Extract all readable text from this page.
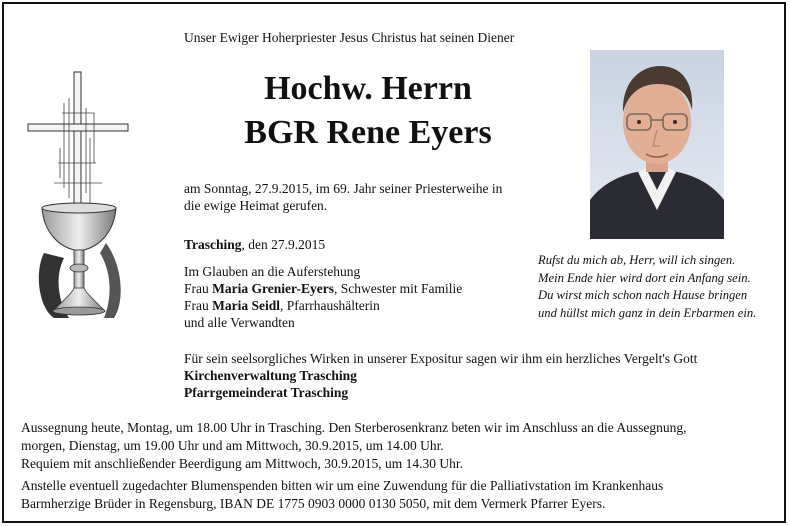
Unser Ewiger Hoherpriester Jesus Christus hat seinen Diener
Hochw. Herrn
BGR Rene Eyers
am Sonntag, 27.9.2015, im 69. Jahr seiner Priesterweihe in
die ewige Heimat gerufen.
Trasching, den 27.9.2015
Im Glauben an die Auferstehung
Frau Maria Grenier-Eyers, Schwester mit Familie
Frau Maria Seidl, Pfarrhaushälterin
und alle Verwandten
Rufst du mich ab, Herr, will ich singen.
Mein Ende hier wird dort ein Anfang sein.
Du wirst mich schon nach Hause bringen
und hüllst mich ganz in dein Erbarmen ein.
Für sein seelsorgliches Wirken in unserer Expositur sagen wir ihm ein herzliches Vergelt's Gott
Kirchenverwaltung Trasching
Pfarrgemeinderat Trasching
Aussegnung heute, Montag, um 18.00 Uhr in Trasching. Den Sterberosenkranz beten wir im Anschluss an die Aussegnung,
morgen, Dienstag, um 19.00 Uhr und am Mittwoch, 30.9.2015, um 14.00 Uhr.
Requiem mit anschließender Beerdigung am Mittwoch, 30.9.2015, um 14.30 Uhr.
Anstelle eventuell zugedachter Blumenspenden bitten wir um eine Zuwendung für die Palliativstation im Krankenhaus
Barmherzige Brüder in Regensburg, IBAN DE 1775 0903 0000 0130 5050, mit dem Vermerk Pfarrer Eyers.
